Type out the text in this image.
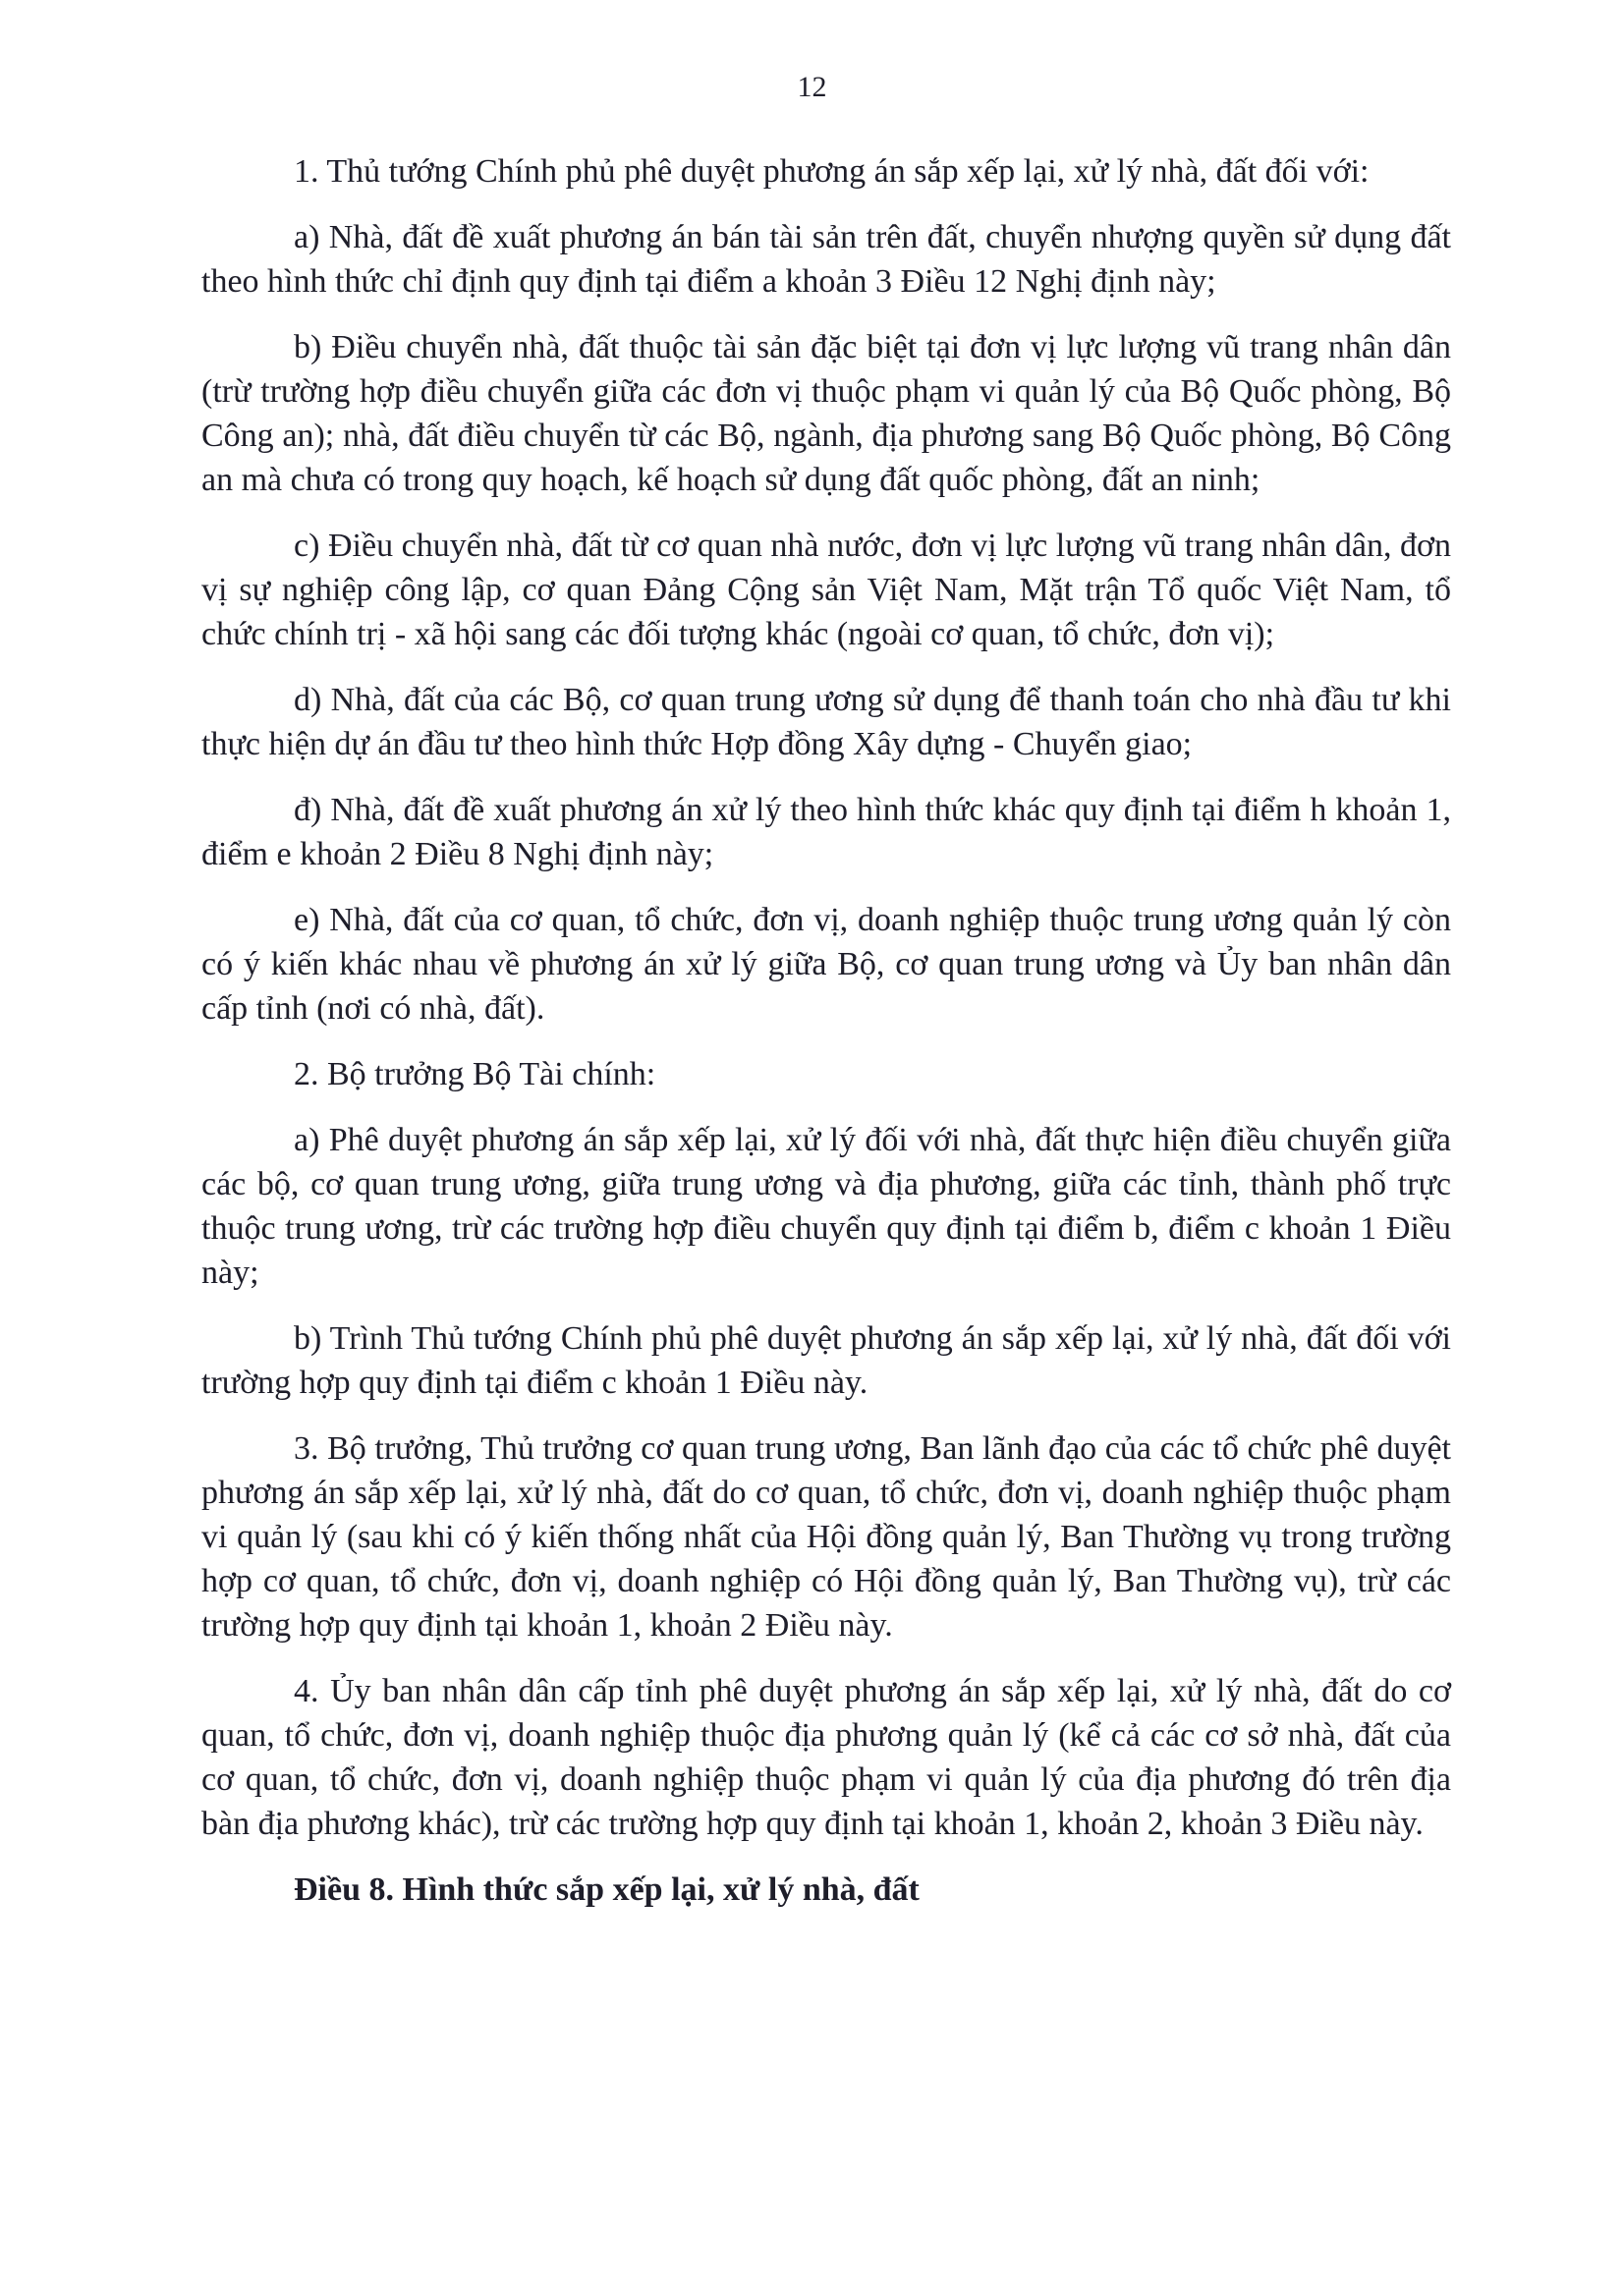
12

1. Thủ tướng Chính phủ phê duyệt phương án sắp xếp lại, xử lý nhà, đất đối với:

a) Nhà, đất đề xuất phương án bán tài sản trên đất, chuyển nhượng quyền sử dụng đất theo hình thức chỉ định quy định tại điểm a khoản 3 Điều 12 Nghị định này;

b) Điều chuyển nhà, đất thuộc tài sản đặc biệt tại đơn vị lực lượng vũ trang nhân dân (trừ trường hợp điều chuyển giữa các đơn vị thuộc phạm vi quản lý của Bộ Quốc phòng, Bộ Công an); nhà, đất điều chuyển từ các Bộ, ngành, địa phương sang Bộ Quốc phòng, Bộ Công an mà chưa có trong quy hoạch, kế hoạch sử dụng đất quốc phòng, đất an ninh;

c) Điều chuyển nhà, đất từ cơ quan nhà nước, đơn vị lực lượng vũ trang nhân dân, đơn vị sự nghiệp công lập, cơ quan Đảng Cộng sản Việt Nam, Mặt trận Tổ quốc Việt Nam, tổ chức chính trị - xã hội sang các đối tượng khác (ngoài cơ quan, tổ chức, đơn vị);

d) Nhà, đất của các Bộ, cơ quan trung ương sử dụng để thanh toán cho nhà đầu tư khi thực hiện dự án đầu tư theo hình thức Hợp đồng Xây dựng - Chuyển giao;

đ) Nhà, đất đề xuất phương án xử lý theo hình thức khác quy định tại điểm h khoản 1, điểm e khoản 2 Điều 8 Nghị định này;

e) Nhà, đất của cơ quan, tổ chức, đơn vị, doanh nghiệp thuộc trung ương quản lý còn có ý kiến khác nhau về phương án xử lý giữa Bộ, cơ quan trung ương và Ủy ban nhân dân cấp tỉnh (nơi có nhà, đất).

2. Bộ trưởng Bộ Tài chính:

a) Phê duyệt phương án sắp xếp lại, xử lý đối với nhà, đất thực hiện điều chuyển giữa các bộ, cơ quan trung ương, giữa trung ương và địa phương, giữa các tỉnh, thành phố trực thuộc trung ương, trừ các trường hợp điều chuyển quy định tại điểm b, điểm c khoản 1 Điều này;

b) Trình Thủ tướng Chính phủ phê duyệt phương án sắp xếp lại, xử lý nhà, đất đối với trường hợp quy định tại điểm c khoản 1 Điều này.

3. Bộ trưởng, Thủ trưởng cơ quan trung ương, Ban lãnh đạo của các tổ chức phê duyệt phương án sắp xếp lại, xử lý nhà, đất do cơ quan, tổ chức, đơn vị, doanh nghiệp thuộc phạm vi quản lý (sau khi có ý kiến thống nhất của Hội đồng quản lý, Ban Thường vụ trong trường hợp cơ quan, tổ chức, đơn vị, doanh nghiệp có Hội đồng quản lý, Ban Thường vụ), trừ các trường hợp quy định tại khoản 1, khoản 2 Điều này.

4. Ủy ban nhân dân cấp tỉnh phê duyệt phương án sắp xếp lại, xử lý nhà, đất do cơ quan, tổ chức, đơn vị, doanh nghiệp thuộc địa phương quản lý (kể cả các cơ sở nhà, đất của cơ quan, tổ chức, đơn vị, doanh nghiệp thuộc phạm vi quản lý của địa phương đó trên địa bàn địa phương khác), trừ các trường hợp quy định tại khoản 1, khoản 2, khoản 3 Điều này.

Điều 8. Hình thức sắp xếp lại, xử lý nhà, đất
